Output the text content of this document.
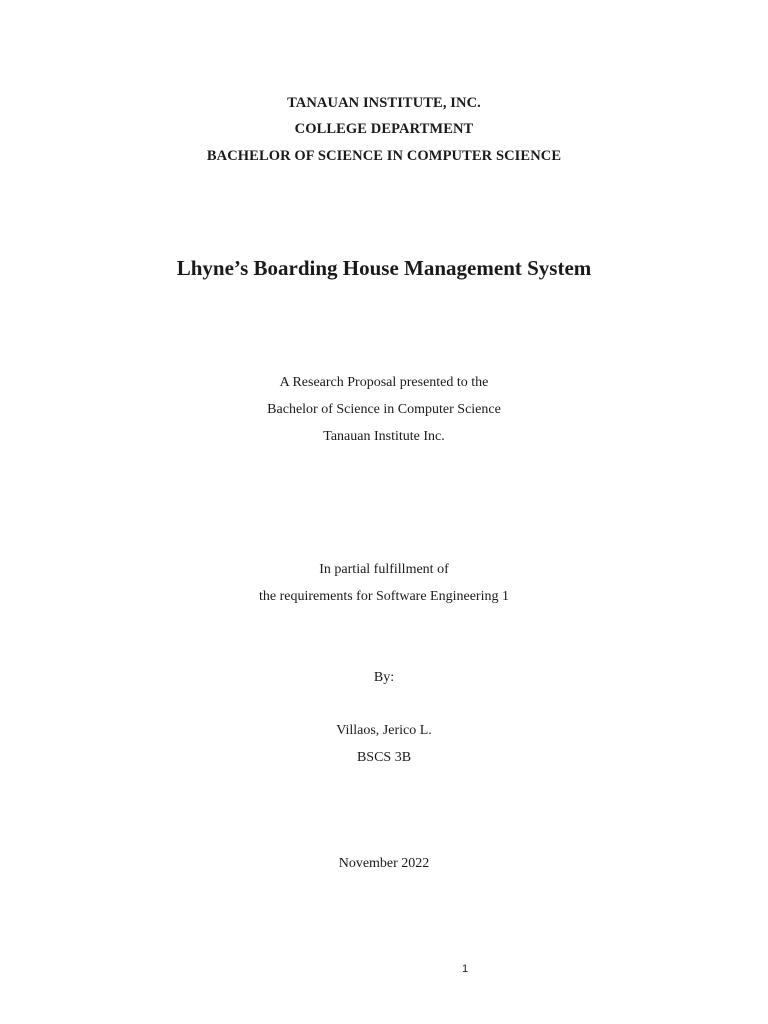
TANAUAN INSTITUTE, INC.
COLLEGE DEPARTMENT
BACHELOR OF SCIENCE IN COMPUTER SCIENCE
Lhyne’s Boarding House Management System
A Research Proposal presented to the
Bachelor of Science in Computer Science
Tanauan Institute Inc.
In partial fulfillment of
the requirements for Software Engineering 1
By:
Villaos, Jerico L.
BSCS 3B
November 2022
1
